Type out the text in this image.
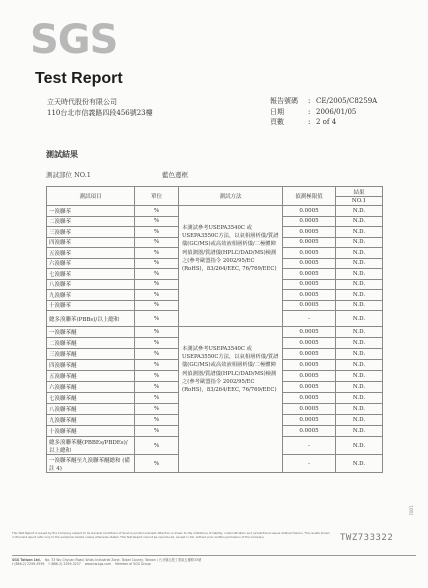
SGS
Test Report
立天時代股份有限公司
110台北市信義路四段456號23樓
報告號碼	: CE/2005/C8259A
日期	: 2006/01/05
頁數	: 2 of 4
測試結果
測試部位 NO.1	藍色邊框
測試項目	單位	測試方法	偵測極限值	結果
				NO.1
一溴聯苯	%	本測試參考USEPA3540C 或USEPA3550C方法，以氣相層析儀/質譜儀(GC/MS)或高效液相層析儀/二極體陣列偵測器/質譜儀(HPLC/DAD/MS)檢測之(參考歐盟指令 2002/95/EC (RoHS)，83/264/EEC, 76/769/EEC)	0.0005	N.D.
二溴聯苯	%		0.0005	N.D.
三溴聯苯	%		0.0005	N.D.
四溴聯苯	%		0.0005	N.D.
五溴聯苯	%		0.0005	N.D.
六溴聯苯	%		0.0005	N.D.
七溴聯苯	%		0.0005	N.D.
八溴聯苯	%		0.0005	N.D.
九溴聯苯	%		0.0005	N.D.
十溴聯苯	%		0.0005	N.D.
總多溴聯苯(PBBs)/以上總和	%		-	N.D.
一溴聯苯醚	%	本測試參考USEPA3540C 或USEPA3550C方法，以氣相層析儀/質譜儀(GC/MS)或高效液相層析儀/二極體陣列偵測器/質譜儀(HPLC/DAD/MS)檢測之(參考歐盟指令 2002/95/EC (RoHS)，83/264/EEC, 76/769/EEC)	0.0005	N.D.
二溴聯苯醚	%		0.0005	N.D.
三溴聯苯醚	%		0.0005	N.D.
四溴聯苯醚	%		0.0005	N.D.
五溴聯苯醚	%		0.0005	N.D.
六溴聯苯醚	%		0.0005	N.D.
七溴聯苯醚	%		0.0005	N.D.
八溴聯苯醚	%		0.0005	N.D.
九溴聯苯醚	%		0.0005	N.D.
十溴聯苯醚	%		0.0005	N.D.
總多溴聯苯醚(PBBEs/PBDEs)/以上總和	%		-	N.D.
一溴聯苯醚至九溴聯苯醚總和 (備註 4)	%		-	N.D.
This Test Report is issued by the Company subject to its General Conditions of Service printed overleaf. Attention is drawn to the limitations of liability, indemnification and jurisdictional issues defined therein. The results shown in this test report refer only to the sample(s) tested unless otherwise stated. This Test Report cannot be reproduced, except in full, without prior written permission of the Company.	TWZ733322
SGS Taiwan Ltd. No. 33 Wu Chyuan Road, Wuku Industrial Zone, Taipei County, Taiwan / 台北縣五股工業區五權路33號
t (886-2) 2299-3939 f (886-2) 2299-3237 www.tw.sgs.com Member of SGS Group
1001
